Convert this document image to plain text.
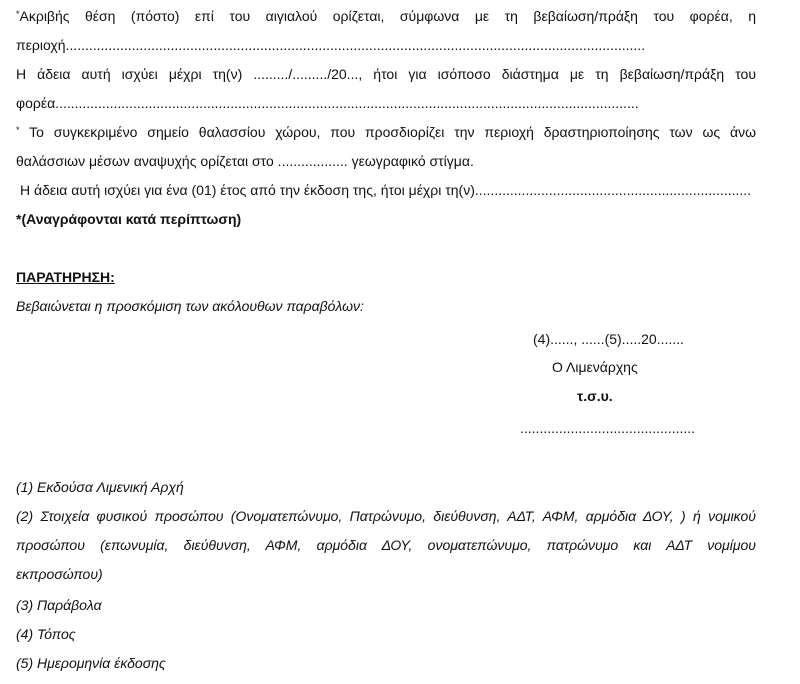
*Ακριβής θέση (πόστο) επί του αιγιαλού ορίζεται, σύμφωνα με τη βεβαίωση/πράξη του φορέα, η
περιοχή.....................................................................................................................................................
Η άδεια αυτή ισχύει μέχρι τη(ν) ........./........./20..., ήτοι για ισόποσο διάστημα με τη βεβαίωση/πράξη του
φορέα......................................................................................................................................................
* Το συγκεκριμένο σημείο θαλασσίου χώρου, που προσδιορίζει την περιοχή δραστηριοποίησης των ως άνω
θαλάσσιων μέσων αναψυχής ορίζεται στο .................. γεωγραφικό στίγμα.
Η άδεια αυτή ισχύει για ένα (01) έτος από την έκδοση της, ήτοι μέχρι τη(ν).......................................................................
*(Αναγράφονται κατά περίπτωση)
ΠΑΡΑΤΗΡΗΣΗ:
Βεβαιώνεται η προσκόμιση των ακόλουθων παραβόλων:
(4)......, ......(5).....20.......
Ο Λιμενάρχης
τ.σ.υ.
.............................................
(1) Εκδούσα Λιμενική Αρχή
(2) Στοιχεία φυσικού προσώπου (Ονοματεπώνυμο, Πατρώνυμο, διεύθυνση, ΑΔΤ, ΑΦΜ, αρμόδια ΔΟΥ, ) ή νομικού
προσώπου (επωνυμία, διεύθυνση, ΑΦΜ, αρμόδια ΔΟΥ, ονοματεπώνυμο, πατρώνυμο και ΑΔΤ νομίμου
εκπροσώπου)
(3) Παράβολα
(4) Τόπος
(5) Ημερομηνία έκδοσης
